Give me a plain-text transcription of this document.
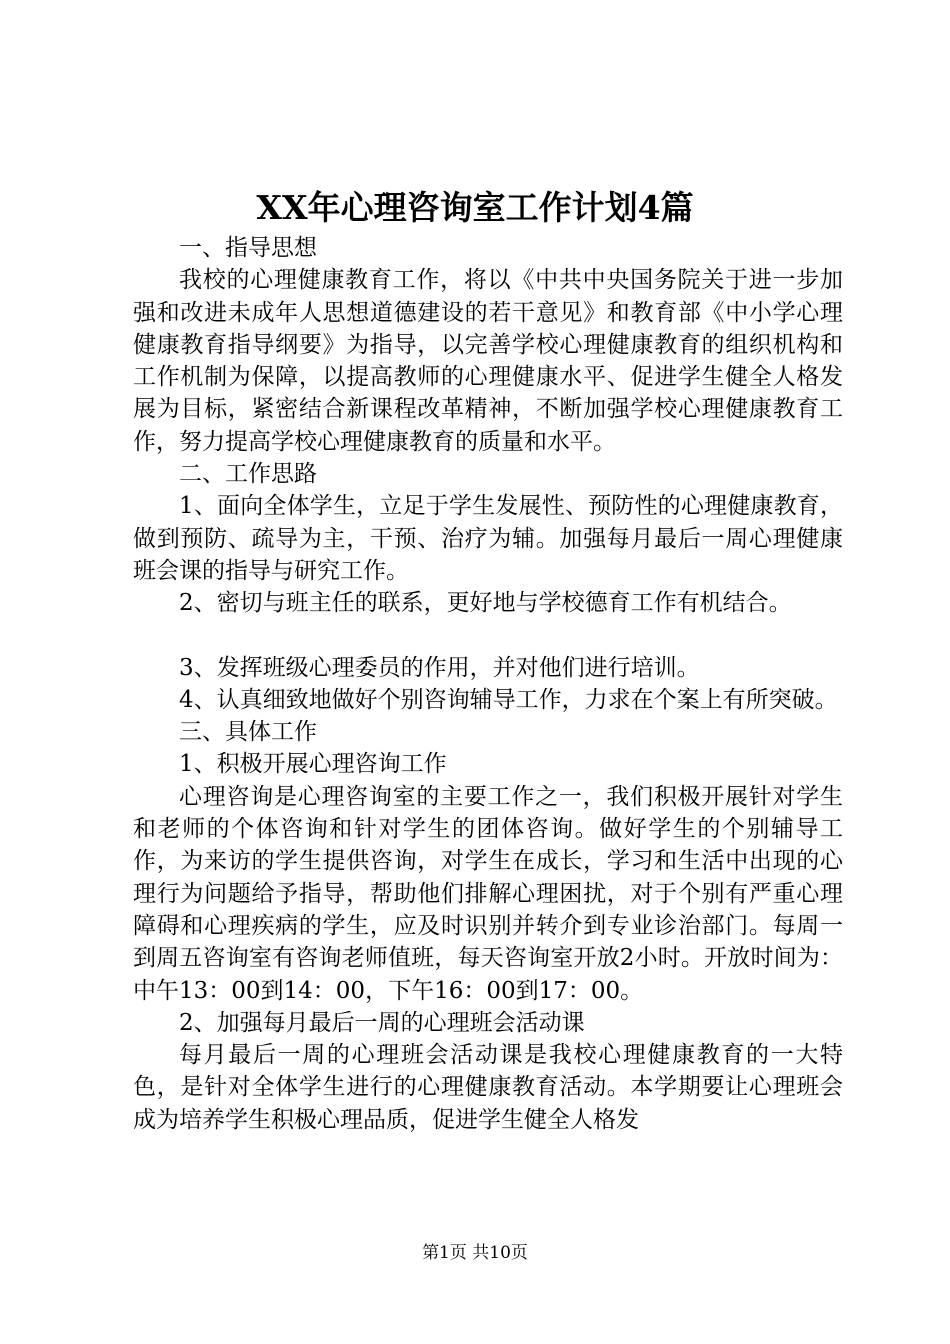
XX年心理咨询室工作计划4篇

一、指导思想

我校的心理健康教育工作，将以《中共中央国务院关于进一步加强和改进未成年人思想道德建设的若干意见》和教育部《中小学心理健康教育指导纲要》为指导，以完善学校心理健康教育的组织机构和工作机制为保障，以提高教师的心理健康水平、促进学生健全人格发展为目标，紧密结合新课程改革精神，不断加强学校心理健康教育工作，努力提高学校心理健康教育的质量和水平。

二、工作思路

1、面向全体学生，立足于学生发展性、预防性的心理健康教育，做到预防、疏导为主，干预、治疗为辅。加强每月最后一周心理健康班会课的指导与研究工作。

2、密切与班主任的联系，更好地与学校德育工作有机结合。

3、发挥班级心理委员的作用，并对他们进行培训。

4、认真细致地做好个别咨询辅导工作，力求在个案上有所突破。

三、具体工作

1、积极开展心理咨询工作

心理咨询是心理咨询室的主要工作之一，我们积极开展针对学生和老师的个体咨询和针对学生的团体咨询。做好学生的个别辅导工作，为来访的学生提供咨询，对学生在成长，学习和生活中出现的心理行为问题给予指导，帮助他们排解心理困扰，对于个别有严重心理障碍和心理疾病的学生，应及时识别并转介到专业诊治部门。每周一到周五咨询室有咨询老师值班，每天咨询室开放2小时。开放时间为：中午13：00到14：00，下午16：00到17：00。

2、加强每月最后一周的心理班会活动课

每月最后一周的心理班会活动课是我校心理健康教育的一大特色，是针对全体学生进行的心理健康教育活动。本学期要让心理班会成为培养学生积极心理品质，促进学生健全人格发

第1页 共10页
